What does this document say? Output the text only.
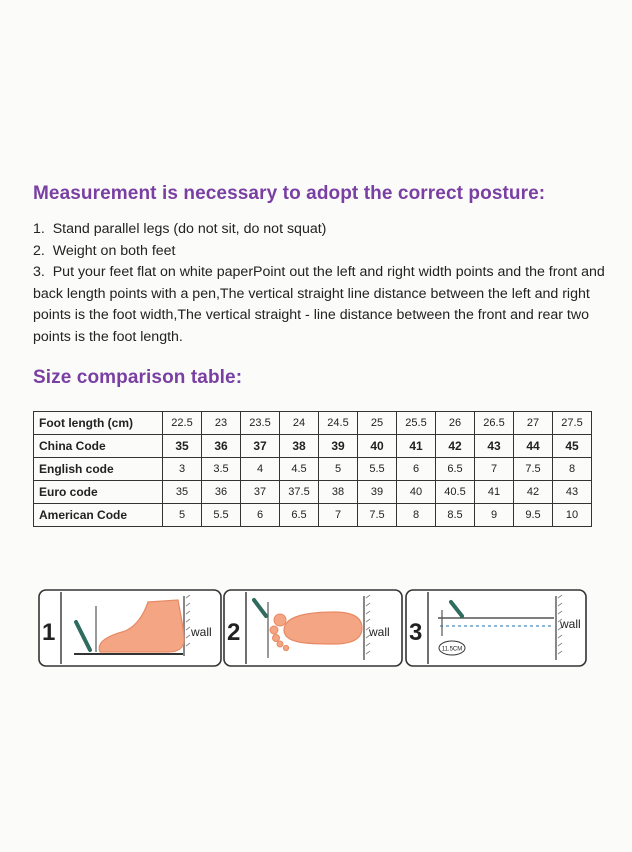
Measurement is necessary to adopt the correct posture:
1.  Stand parallel legs (do not sit, do not squat)
2.  Weight on both feet
3.  Put your feet flat on white paperPoint out the left and right width points and the front and back length points with a pen,The vertical straight line distance between the left and right points is the foot width,The vertical straight - line distance between the front and rear two points is the foot length.
Size comparison table:
Foot length (cm)	22.5	23	23.5	24	24.5	25	25.5	26	26.5	27	27.5
China Code	35	36	37	38	39	40	41	42	43	44	45
English code	3	3.5	4	4.5	5	5.5	6	6.5	7	7.5	8
Euro code	35	36	37	37.5	38	39	40	40.5	41	42	43
American Code	5	5.5	6	6.5	7	7.5	8	8.5	9	9.5	10
1	wall 2	wall 3
11.5CM
wall
